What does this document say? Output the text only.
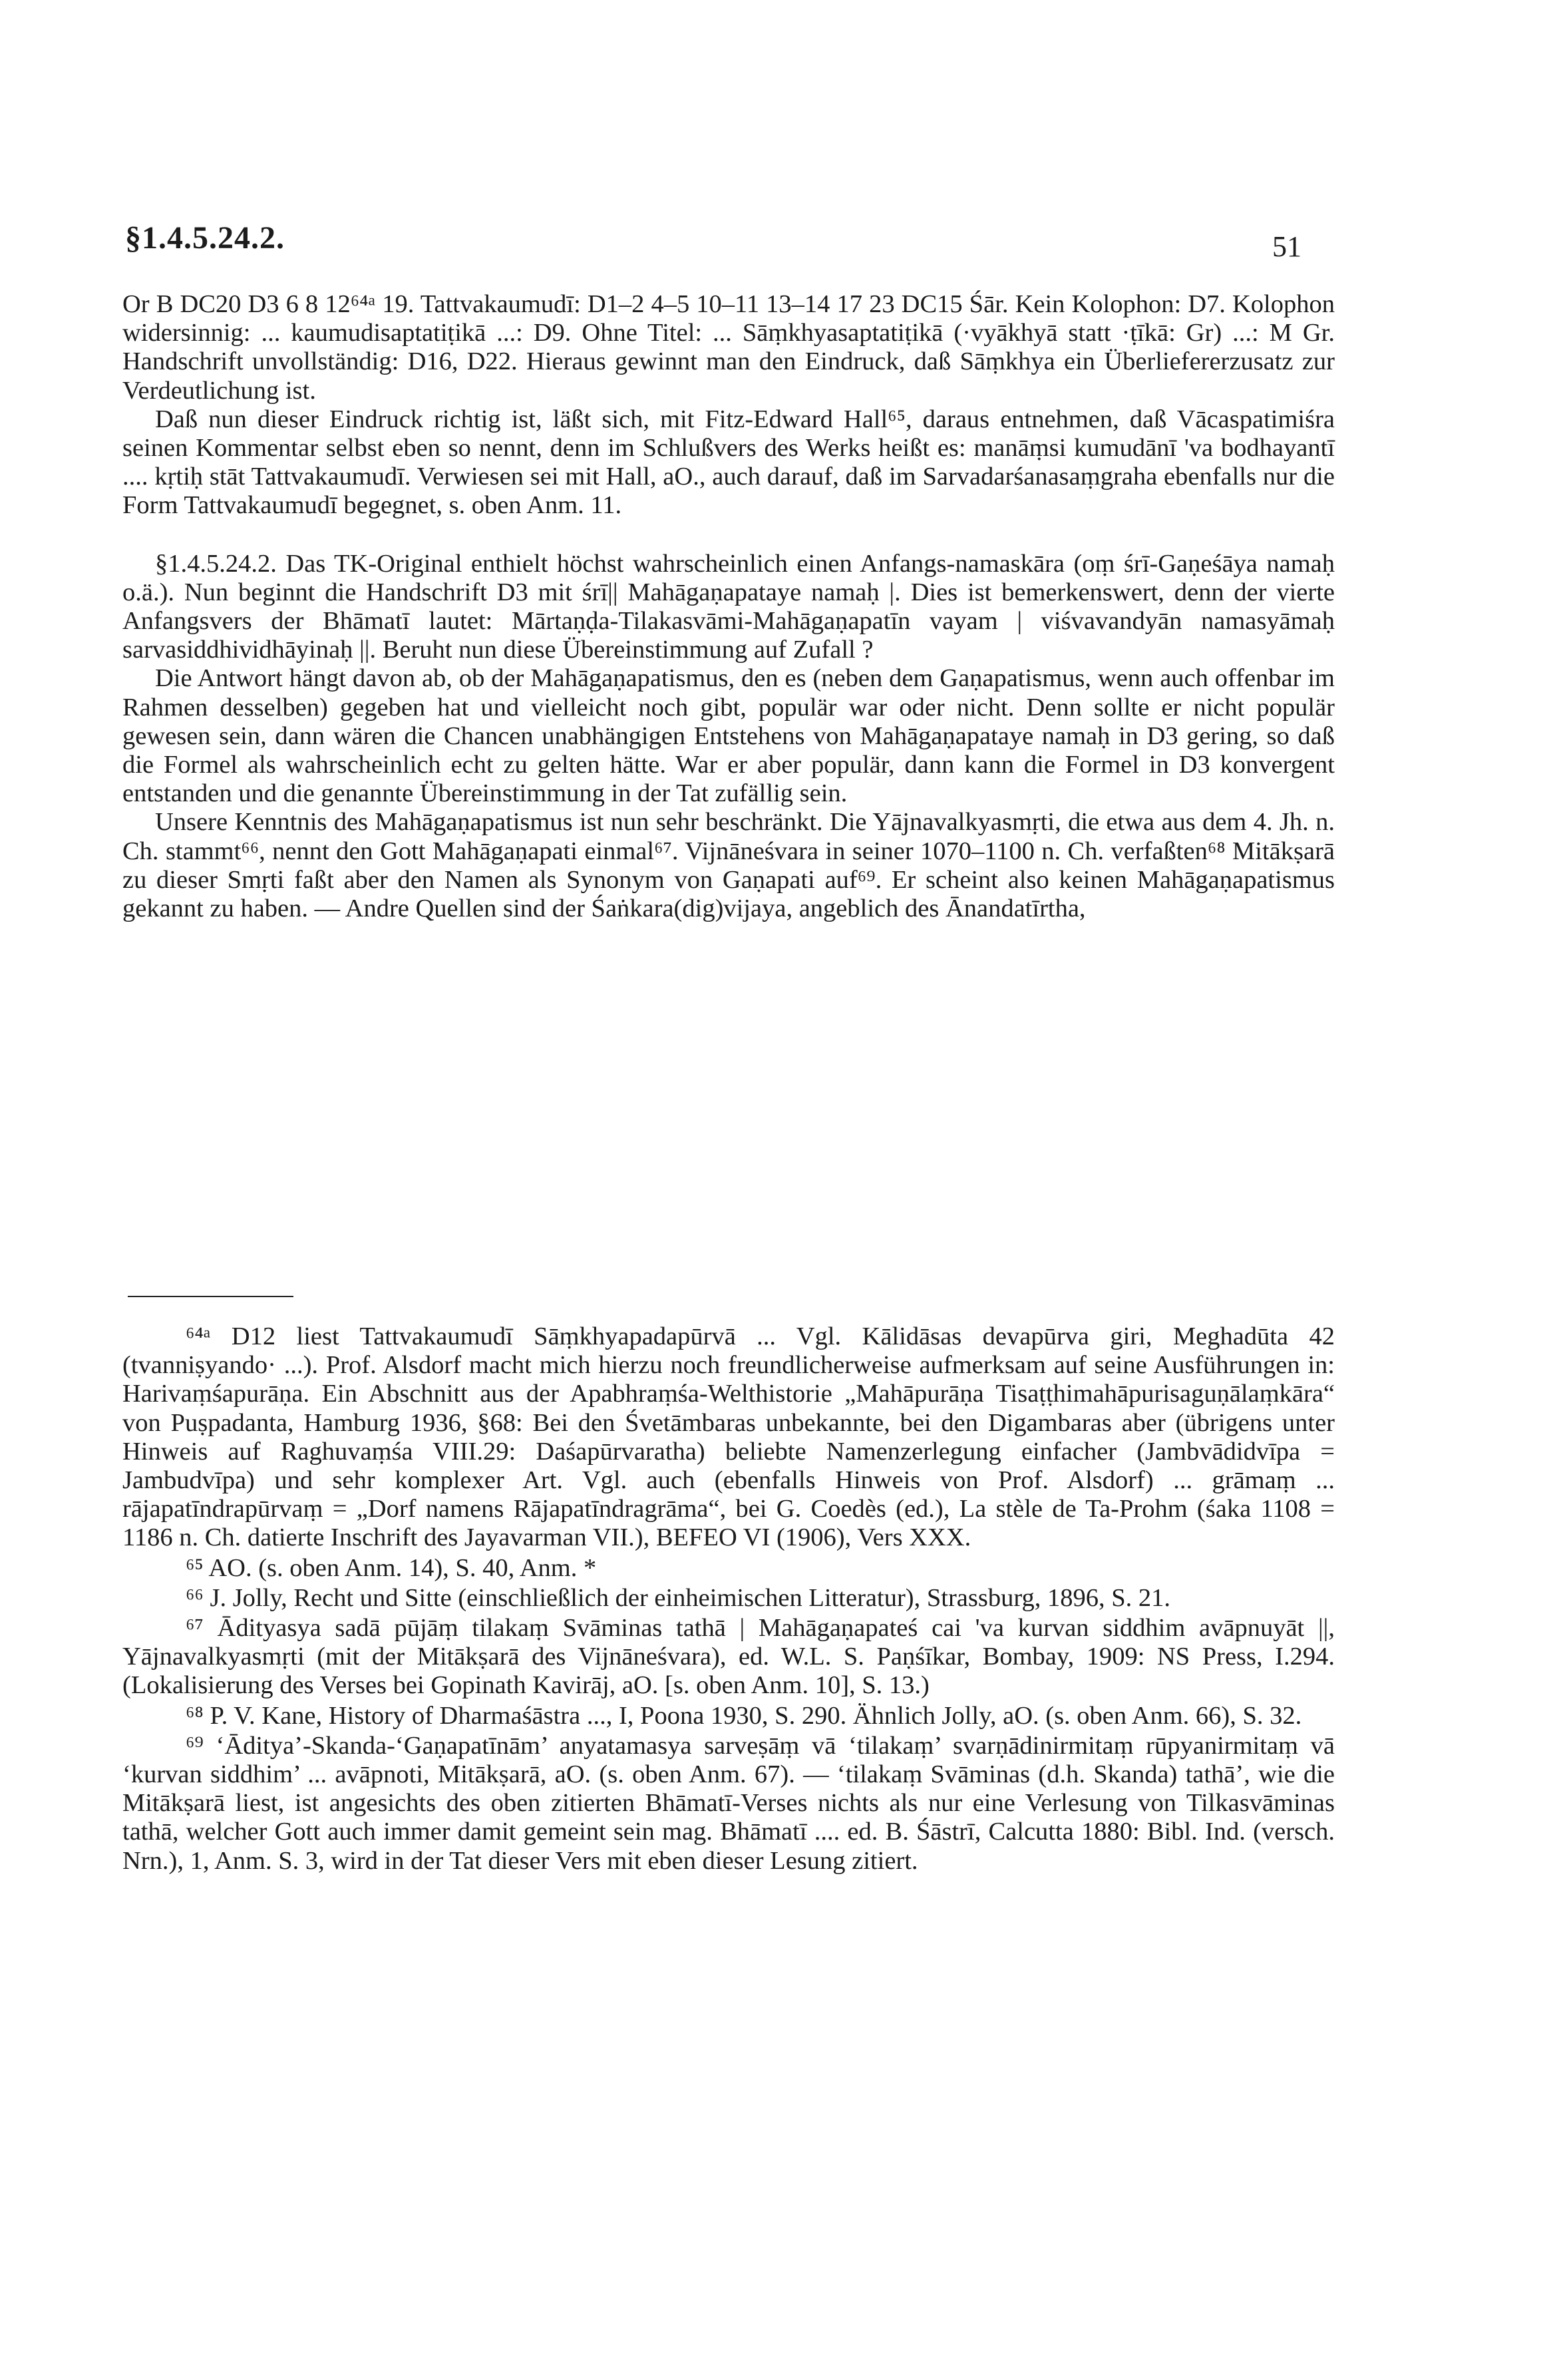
§1.4.5.24.2.	51

Or B DC20 D3 6 8 12⁶⁴ᵃ 19. Tattvakaumudī: D1–2 4–5 10–11 13–14 17 23 DC15 Śār. Kein Kolophon: D7. Kolophon widersinnig: ... kaumudisaptatiṭikā ...: D9. Ohne Titel: ... Sāṃkhyasaptatiṭikā (·vyākhyā statt ·ṭīkā: Gr) ...: M Gr. Handschrift unvollständig: D16, D22. Hieraus gewinnt man den Eindruck, daß Sāṃkhya ein Überliefererzusatz zur Verdeutlichung ist.

Daß nun dieser Eindruck richtig ist, läßt sich, mit Fitz-Edward Hall⁶⁵, daraus entnehmen, daß Vācaspatimiśra seinen Kommentar selbst eben so nennt, denn im Schlußvers des Werks heißt es: manāṃsi kumudānī 'va bodhayantī .... kṛtiḥ stāt Tattvakaumudī. Verwiesen sei mit Hall, aO., auch darauf, daß im Sarvadarśanasaṃgraha ebenfalls nur die Form Tattvakaumudī begegnet, s. oben Anm. 11.

§1.4.5.24.2. Das TK-Original enthielt höchst wahrscheinlich einen Anfangs-namaskāra (oṃ śrī-Gaṇeśāya namaḥ o.ä.). Nun beginnt die Handschrift D3 mit śrī|| Mahāgaṇapataye namaḥ |. Dies ist bemerkenswert, denn der vierte Anfangsvers der Bhāmatī lautet: Mārtaṇḍa-Tilakasvāmi-Mahāgaṇapatīn vayam | viśvavandyān namasyāmaḥ sarvasiddhividhāyinaḥ ||. Beruht nun diese Übereinstimmung auf Zufall ?

Die Antwort hängt davon ab, ob der Mahāgaṇapatismus, den es (neben dem Gaṇapatismus, wenn auch offenbar im Rahmen desselben) gegeben hat und vielleicht noch gibt, populär war oder nicht. Denn sollte er nicht populär gewesen sein, dann wären die Chancen unabhängigen Entstehens von Mahāgaṇapataye namaḥ in D3 gering, so daß die Formel als wahrscheinlich echt zu gelten hätte. War er aber populär, dann kann die Formel in D3 konvergent entstanden und die genannte Übereinstimmung in der Tat zufällig sein.

Unsere Kenntnis des Mahāgaṇapatismus ist nun sehr beschränkt. Die Yājnavalkyasmṛti, die etwa aus dem 4. Jh. n. Ch. stammt⁶⁶, nennt den Gott Mahāgaṇapati einmal⁶⁷. Vijnāneśvara in seiner 1070–1100 n. Ch. verfaßten⁶⁸ Mitākṣarā zu dieser Smṛti faßt aber den Namen als Synonym von Gaṇapati auf⁶⁹. Er scheint also keinen Mahāgaṇapatismus gekannt zu haben. — Andre Quellen sind der Śaṅkara(dig)vijaya, angeblich des Ānandatīrtha,

⁶⁴ᵃ D12 liest Tattvakaumudī Sāṃkhyapadapūrvā ... Vgl. Kālidāsas devapūrva giri, Meghadūta 42 (tvanniṣyando· ...). Prof. Alsdorf macht mich hierzu noch freundlicherweise aufmerksam auf seine Ausführungen in: Harivaṃśapurāṇa. Ein Abschnitt aus der Apabhraṃśa-Welthistorie „Mahāpurāṇa Tisaṭṭhimahāpurisaguṇālaṃkāra“ von Puṣpadanta, Hamburg 1936, §68: Bei den Śvetāmbaras unbekannte, bei den Digambaras aber (übrigens unter Hinweis auf Raghuvaṃśa VIII.29: Daśapūrvaratha) beliebte Namenzerlegung einfacher (Jambvādidvīpa = Jambudvīpa) und sehr komplexer Art. Vgl. auch (ebenfalls Hinweis von Prof. Alsdorf) ... grāmaṃ ... rājapatīndrapūrvaṃ = „Dorf namens Rājapatīndragrāma“, bei G. Coedès (ed.), La stèle de Ta-Prohm (śaka 1108 = 1186 n. Ch. datierte Inschrift des Jayavarman VII.), BEFEO VI (1906), Vers XXX.

⁶⁵ AO. (s. oben Anm. 14), S. 40, Anm. *

⁶⁶ J. Jolly, Recht und Sitte (einschließlich der einheimischen Litteratur), Strassburg, 1896, S. 21.

⁶⁷ Ādityasya sadā pūjāṃ tilakaṃ Svāminas tathā | Mahāgaṇapateś cai 'va kurvan siddhim avāpnuyāt ||, Yājnavalkyasmṛti (mit der Mitākṣarā des Vijnāneśvara), ed. W.L. S. Paṇśīkar, Bombay, 1909: NS Press, I.294. (Lokalisierung des Verses bei Gopinath Kavirāj, aO. [s. oben Anm. 10], S. 13.)

⁶⁸ P. V. Kane, History of Dharmaśāstra ..., I, Poona 1930, S. 290. Ähnlich Jolly, aO. (s. oben Anm. 66), S. 32.

⁶⁹ ‘Āditya’-Skanda-‘Gaṇapatīnām’ anyatamasya sarveṣāṃ vā ‘tilakaṃ’ svarṇādinirmitaṃ rūpyanirmitaṃ vā ‘kurvan siddhim’ ... avāpnoti, Mitākṣarā, aO. (s. oben Anm. 67). — ‘tilakaṃ Svāminas (d.h. Skanda) tathā’, wie die Mitākṣarā liest, ist angesichts des oben zitierten Bhāmatī-Verses nichts als nur eine Verlesung von Tilkasvāminas tathā, welcher Gott auch immer damit gemeint sein mag. Bhāmatī .... ed. B. Śāstrī, Calcutta 1880: Bibl. Ind. (versch. Nrn.), 1, Anm. S. 3, wird in der Tat dieser Vers mit eben dieser Lesung zitiert.
